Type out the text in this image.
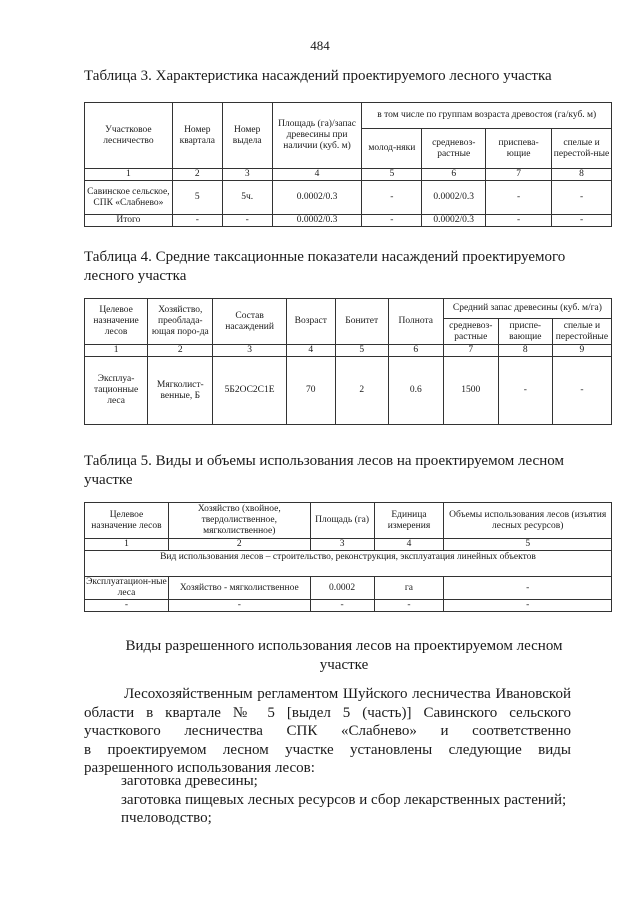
484
Таблица 3. Характеристика насаждений проектируемого лесного участка
Участковое лесничество	Номер квартала	Номер выдела	Площадь (га)/запас древесины при наличии (куб. м)	в том числе по группам возраста древостоя (га/куб. м)			
				молод-няки	средневоз-растные	приспева-ющие	спелые и перестой-ные
1	2	3	4	5	6	7	8
Савинское сельское, СПК «Слабнево»	5	5ч.	0.0002/0.3	-	0.0002/0.3	-	-
Итого	-	-	0.0002/0.3	-	0.0002/0.3	-	-
Таблица 4. Средние таксационные показатели насаждений проектируемого лесного участка
Целевое назначение лесов	Хозяйство, преоблада-ющая поро-да	Состав насаждений	Возраст	Бонитет	Полнота	Средний запас древесины (куб. м/га)		
						средневоз-растные	приспе-вающие	спелые и перестойные
1	2	3	4	5	6	7	8	9
Эксплуа-тационные леса	Мягколист-венные, Б	5Б2ОС2С1Е	70	2	0.6	1500	-	-
Таблица 5. Виды и объемы использования лесов на проектируемом лесном участке
Целевое назначение лесов	Хозяйство (хвойное, твердолиственное, мягколиственное)	Площадь (га)	Единица измерения	Объемы использования лесов (изъятия лесных ресурсов)
1	2	3	4	5
Вид использования лесов – строительство, реконструкция, эксплуатация линейных объектов				
Эксплуатацион-ные леса	Хозяйство - мягколиственное	0.0002	га	-
-	-	-	-	-
Виды разрешенного использования лесов на проектируемом лесном
участке
Лесохозяйственным регламентом Шуйского лесничества Ивановской
области в квартале № 5 [выдел 5 (часть)] Савинского сельского
участкового лесничества СПК «Слабнево» и соответственно
в проектируемом лесном участке установлены следующие виды
разрешенного использования лесов:
заготовка древесины;
заготовка пищевых лесных ресурсов и сбор лекарственных растений;
пчеловодство;
